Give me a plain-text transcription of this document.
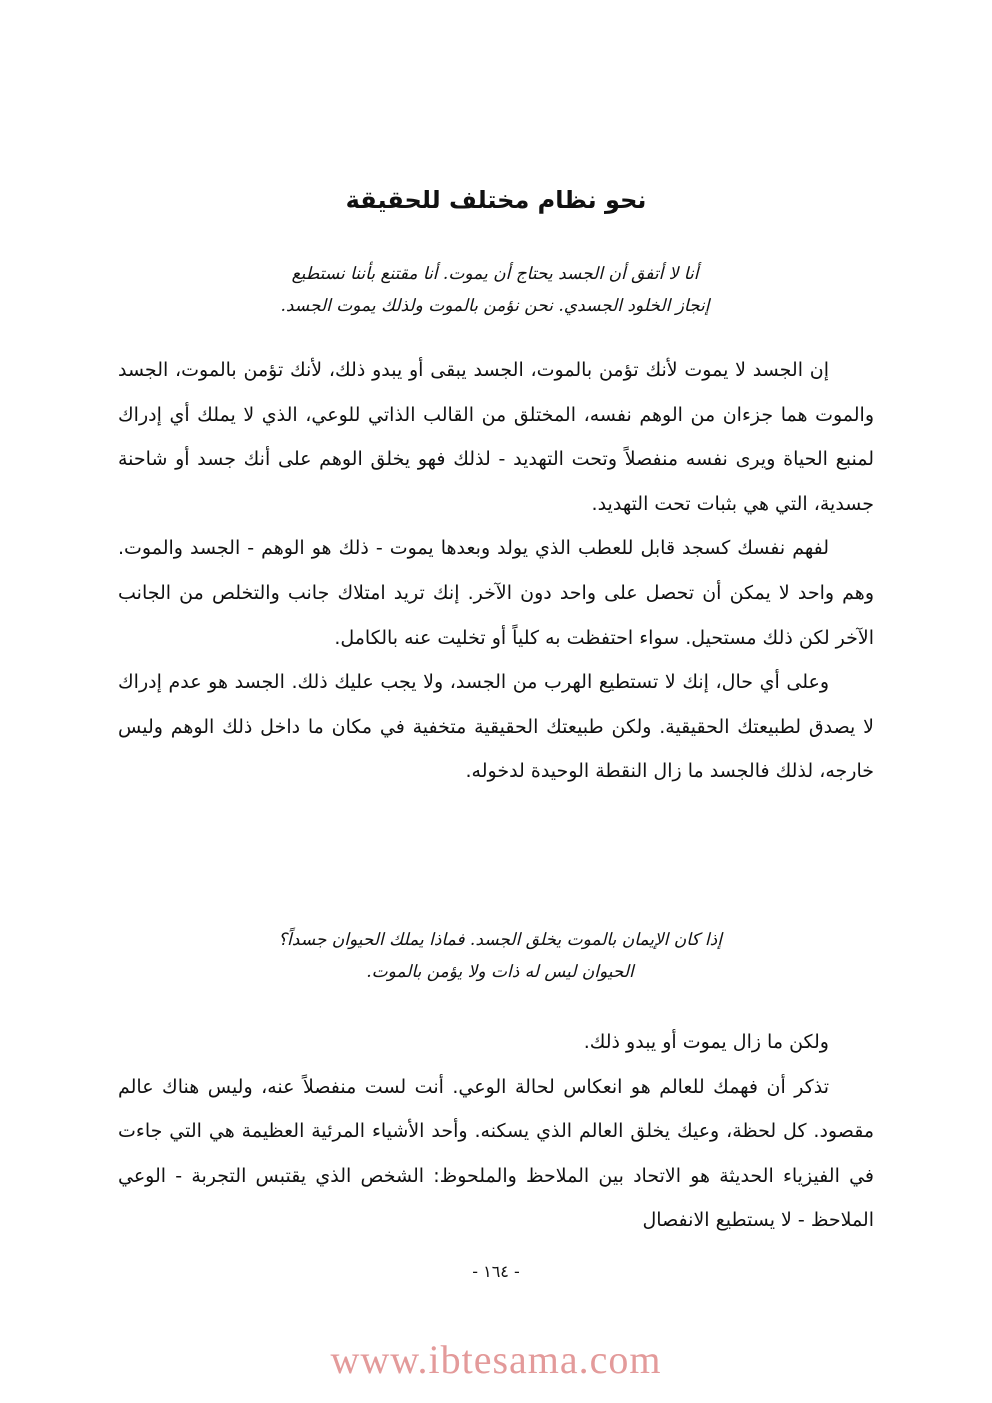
نحو نظام مختلف للحقيقة

أنا لا أتفق أن الجسد يحتاج أن يموت. أنا مقتنع بأننا نستطيع

إنجاز الخلود الجسدي. نحن نؤمن بالموت ولذلك يموت الجسد.

إن الجسد لا يموت لأنك تؤمن بالموت، الجسد يبقى أو يبدو ذلك، لأنك تؤمن بالموت، الجسد والموت هما جزءان من الوهم نفسه، المختلق من القالب الذاتي للوعي، الذي لا يملك أي إدراك لمنبع الحياة ويرى نفسه منفصلاً وتحت التهديد - لذلك فهو يخلق الوهم على أنك جسد أو شاحنة جسدية، التي هي بثبات تحت التهديد.

لفهم نفسك كسجد قابل للعطب الذي يولد وبعدها يموت - ذلك هو الوهم - الجسد والموت. وهم واحد لا يمكن أن تحصل على واحد دون الآخر. إنك تريد امتلاك جانب والتخلص من الجانب الآخر لكن ذلك مستحيل. سواء احتفظت به كلياً أو تخليت عنه بالكامل.

وعلى أي حال، إنك لا تستطيع الهرب من الجسد، ولا يجب عليك ذلك. الجسد هو عدم إدراك لا يصدق لطبيعتك الحقيقية. ولكن طبيعتك الحقيقية متخفية في مكان ما داخل ذلك الوهم وليس خارجه، لذلك فالجسد ما زال النقطة الوحيدة لدخوله.

إذا كان الإيمان بالموت يخلق الجسد. فماذا يملك الحيوان جسداً؟

الحيوان ليس له ذات ولا يؤمن بالموت.

ولكن ما زال يموت أو يبدو ذلك.

تذكر أن فهمك للعالم هو انعكاس لحالة الوعي. أنت لست منفصلاً عنه، وليس هناك عالم مقصود. كل لحظة، وعيك يخلق العالم الذي يسكنه. وأحد الأشياء المرئية العظيمة هي التي جاءت في الفيزياء الحديثة هو الاتحاد بين الملاحظ والملحوظ: الشخص الذي يقتبس التجربة - الوعي الملاحظ - لا يستطيع الانفصال

- ١٦٤ -
www.ibtesama.com
